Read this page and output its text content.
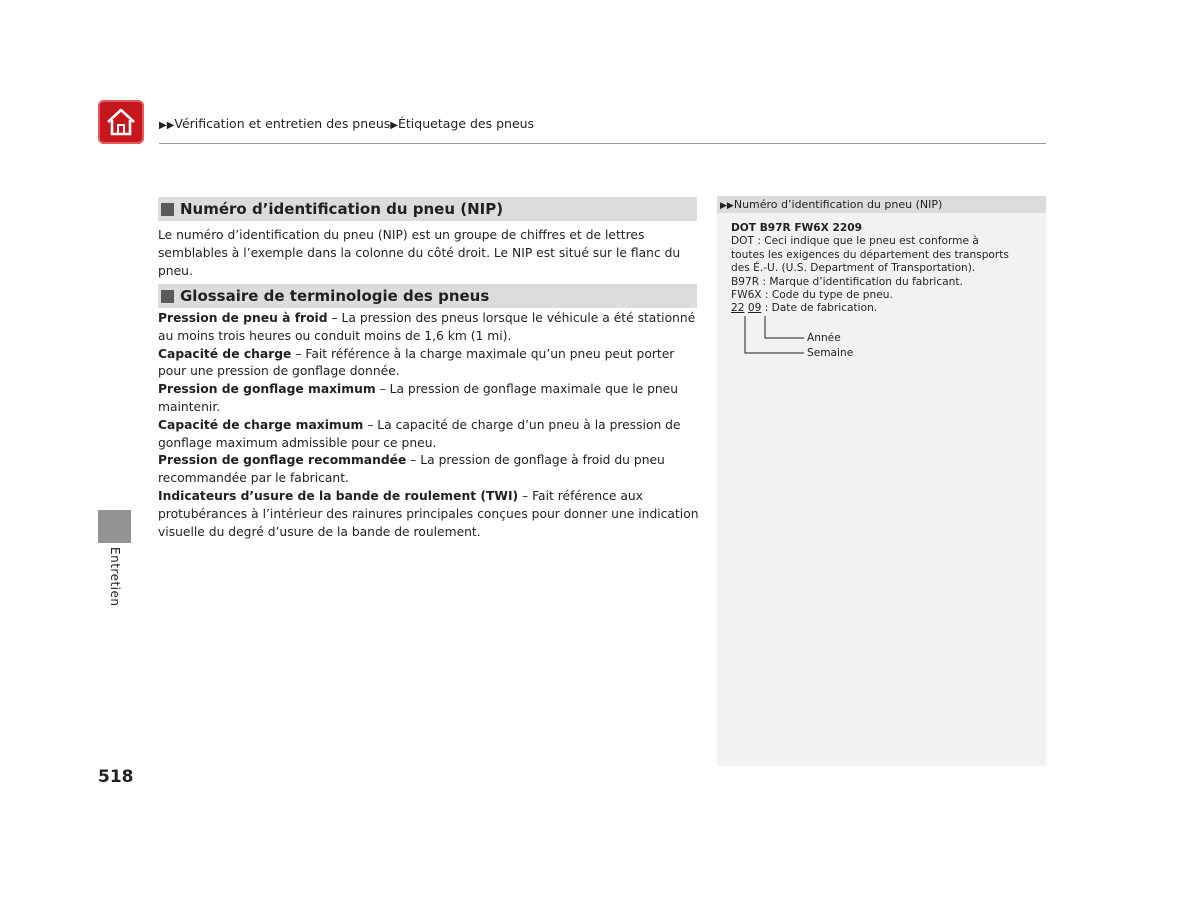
▶▶Vérification et entretien des pneus▶Étiquetage des pneus
Numéro d’identification du pneu (NIP)

Le numéro d’identification du pneu (NIP) est un groupe de chiffres et de lettres semblables à l’exemple dans la colonne du côté droit. Le NIP est situé sur le flanc du pneu.

Glossaire de terminologie des pneus

Pression de pneu à froid – La pression des pneus lorsque le véhicule a été stationné au moins trois heures ou conduit moins de 1,6 km (1 mi).

Capacité de charge – Fait référence à la charge maximale qu’un pneu peut porter pour une pression de gonflage donnée.

Pression de gonflage maximum – La pression de gonflage maximale que le pneu maintenir.

Capacité de charge maximum – La capacité de charge d’un pneu à la pression de gonflage maximum admissible pour ce pneu.

Pression de gonflage recommandée – La pression de gonflage à froid du pneu recommandée par le fabricant.

Indicateurs d’usure de la bande de roulement (TWI) – Fait référence aux protubérances à l’intérieur des rainures principales conçues pour donner une indication visuelle du degré d’usure de la bande de roulement.

▶▶Numéro d’identification du pneu (NIP)

DOT B97R FW6X 2209

DOT : Ceci indique que le pneu est conforme à

toutes les exigences du département des transports

des É.-U. (U.S. Department of Transportation).

B97R : Marque d’identification du fabricant.

FW6X : Code du type de pneu.

22 09 : Date de fabrication.

Année
Semaine
Entretien
518
